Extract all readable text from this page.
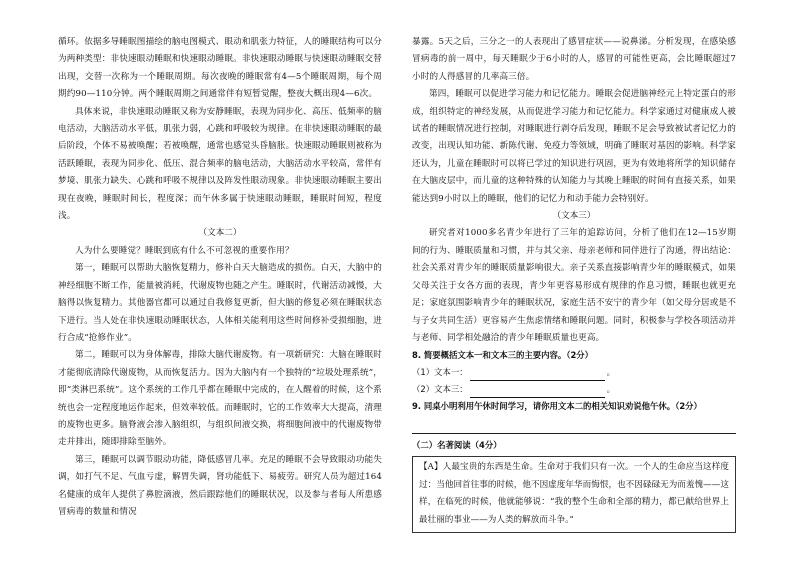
循环。依据多导睡眠图描绘的脑电图模式、眼动和肌张力特征，人的睡眠结构可以分为两种类型：非快速眼动睡眠和快速眼动睡眠。非快速眼动睡眠与快速眼动睡眠交替出现，交替一次称为一个睡眠周期。每次夜晚的睡眠常有4—5个睡眠周期，每个周期约90—110分钟。两个睡眠周期之间通常伴有短暂觉醒，整夜大概出现4—6次。

具体来说，非快速眼动睡眠又称为安静睡眠，表现为同步化、高压、低频率的脑电活动，大脑活动水平低，肌张力弱，心跳和呼吸较为规律。在非快速眼动睡眠的最后阶段，个体不易被唤醒；若被唤醒，通常也感觉头昏脑胀。快速眼动睡眠则被称为活跃睡眠，表现为同步化、低压、混合频率的脑电活动，大脑活动水平较高，常伴有梦境、肌张力缺失、心跳和呼吸不规律以及阵发性眼动现象。非快速眼动睡眠主要出现在夜晚，睡眠时间长，程度深；而午休多属于快速眼动睡眠，睡眠时间短，程度浅。

（文本二）

人为什么要睡觉？睡眠到底有什么不可忽视的重要作用？

第一，睡眠可以帮助大脑恢复精力，修补白天大脑造成的损伤。白天，大脑中的神经细胞不断工作，能量被消耗，代谢废物也随之产生。睡眠时，代谢活动减慢，大脑得以恢复精力。其他器官都可以通过自我修复更新，但大脑的修复必须在睡眠状态下进行。当人处在非快速眼动睡眠状态，人体相关能利用这些时间修补受损细胞，进行合成“抢修作业”。

第二，睡眠可以为身体解毒，排除大脑代谢废物。有一项新研究：大脑在睡眠时才能彻底清除代谢废物，从而恢复活力。因为大脑内有一个独特的“垃圾处理系统”，即“类淋巴系统”。这个系统的工作几乎都在睡眠中完成的，在人醒着的时候，这个系统也会一定程度地运作起来，但效率较低。而睡眠时，它的工作效率大大提高，清理的废物也更多。脑脊液会渗入脑组织，与组织间液交换，将细胞间液中的代谢废物带走并排出，随即排除至脑外。

第三，睡眠可以调节眼动功能，降低感冒几率。充足的睡眠不会导致眼动功能失调，如打气不足、气血亏虚，解胃失调，肾功能低下、易疲劳。研究人员为超过164名健康的成年人提供了鼻腔滴液，然后跟踪他们的睡眠状况，以及参与者每人所患感冒病毒的数量和情况

暴露。5天之后，三分之一的人表现出了感冒症状——说鼻涕。分析发现，在感染感冒病毒的前一周中，每天睡眠少于6小时的人，感冒的可能性更高，会比睡眠超过7小时的人得感冒的几率高三倍。

第四，睡眠可以促进学习能力和记忆能力。睡眠会促进脑神经元上特定蛋白的形成，组织特定的神经发展，从而促进学习能力和记忆能力。科学家通过对健康成人被试者的睡眠情况进行控制，对睡眠进行剥夺后发现，睡眠不足会导致被试者记忆力的改变，出现认知功能、新陈代谢、免疫力等领域，明确了睡眠对基因的影响。科学家还认为，儿童在睡眠时可以将已学过的知识进行巩固，更为有效地将所学的知识储存在大脑皮层中，而儿童的这种特殊的认知能力与其晚上睡眠的时间有直接关系，如果能达到9小时以上的睡眠，他们的记忆力和动手能力会特别好。

（文本三）

研究者对1000多名青少年进行了三年的追踪访问，分析了他们在12—15岁期间的行为、睡眠质量和习惯，并与其父亲、母亲老师和同伴进行了沟通，得出结论：社会关系对青少年的睡眠质量影响很大。亲子关系直接影响青少年的睡眠模式，如果父母关注于女各方面的表现，青少年更容易形成有规律的作息习惯，睡眠也就更充足；家庭氛围影响青少年的睡眠状况，家庭生活不安宁的青少年（如父母分居或是不与子女共同生活）更容易产生焦虑情绪和睡眠问题。同时，积极参与学校各项活动并与老师、同学相处融洽的青少年睡眠质量也更高。

8. 简要概括文本一和文本三的主要内容。（2分）

（1）文本一：	。
（2）文本三：	。

9. 同桌小明利用午休时间学习，请你用文本二的相关知识劝说他午休。（2分）

（二）名著阅读（4分）

【A】人最宝贵的东西是生命。生命对于我们只有一次。一个人的生命应当这样度过：当他回首往事的时候，他不因虚度年华而悔恨，也不因碌碌无为而羞愧——这样，在临死的时候，他就能够说：“我的整个生命和全部的精力，都已献给世界上最壮丽的事业——为人类的解放而斗争。”
